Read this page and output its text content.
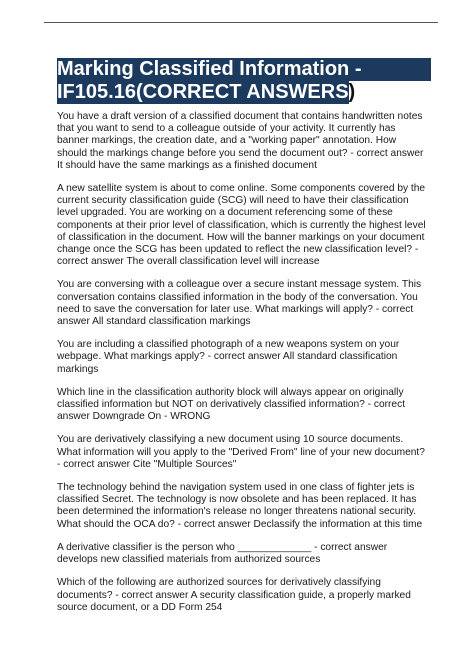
Marking Classified Information -
IF105.16(CORRECT ANSWERS)

You have a draft version of a classified document that contains handwritten notes that you want to send to a colleague outside of your activity. It currently has banner markings, the creation date, and a "working paper" annotation. How should the markings change before you send the document out? - correct answer It should have the same markings as a finished document

A new satellite system is about to come online. Some components covered by the current security classification guide (SCG) will need to have their classification level upgraded. You are working on a document referencing some of these components at their prior level of classification, which is currently the highest level of classification in the document. How will the banner markings on your document change once the SCG has been updated to reflect the new classification level? - correct answer The overall classification level will increase

You are conversing with a colleague over a secure instant message system. This conversation contains classified information in the body of the conversation. You need to save the conversation for later use. What markings will apply? - correct answer All standard classification markings

You are including a classified photograph of a new weapons system on your webpage. What markings apply? - correct answer All standard classification markings

Which line in the classification authority block will always appear on originally classified information but NOT on derivatively classified information? - correct answer Downgrade On - WRONG

You are derivatively classifying a new document using 10 source documents. What information will you apply to the "Derived From" line of your new document? - correct answer Cite "Multiple Sources"

The technology behind the navigation system used in one class of fighter jets is classified Secret. The technology is now obsolete and has been replaced. It has been determined the information's release no longer threatens national security. What should the OCA do? - correct answer Declassify the information at this time

A derivative classifier is the person who _____________ - correct answer develops new classified materials from authorized sources

Which of the following are authorized sources for derivatively classifying documents? - correct answer A security classification guide, a properly marked source document, or a DD Form 254
